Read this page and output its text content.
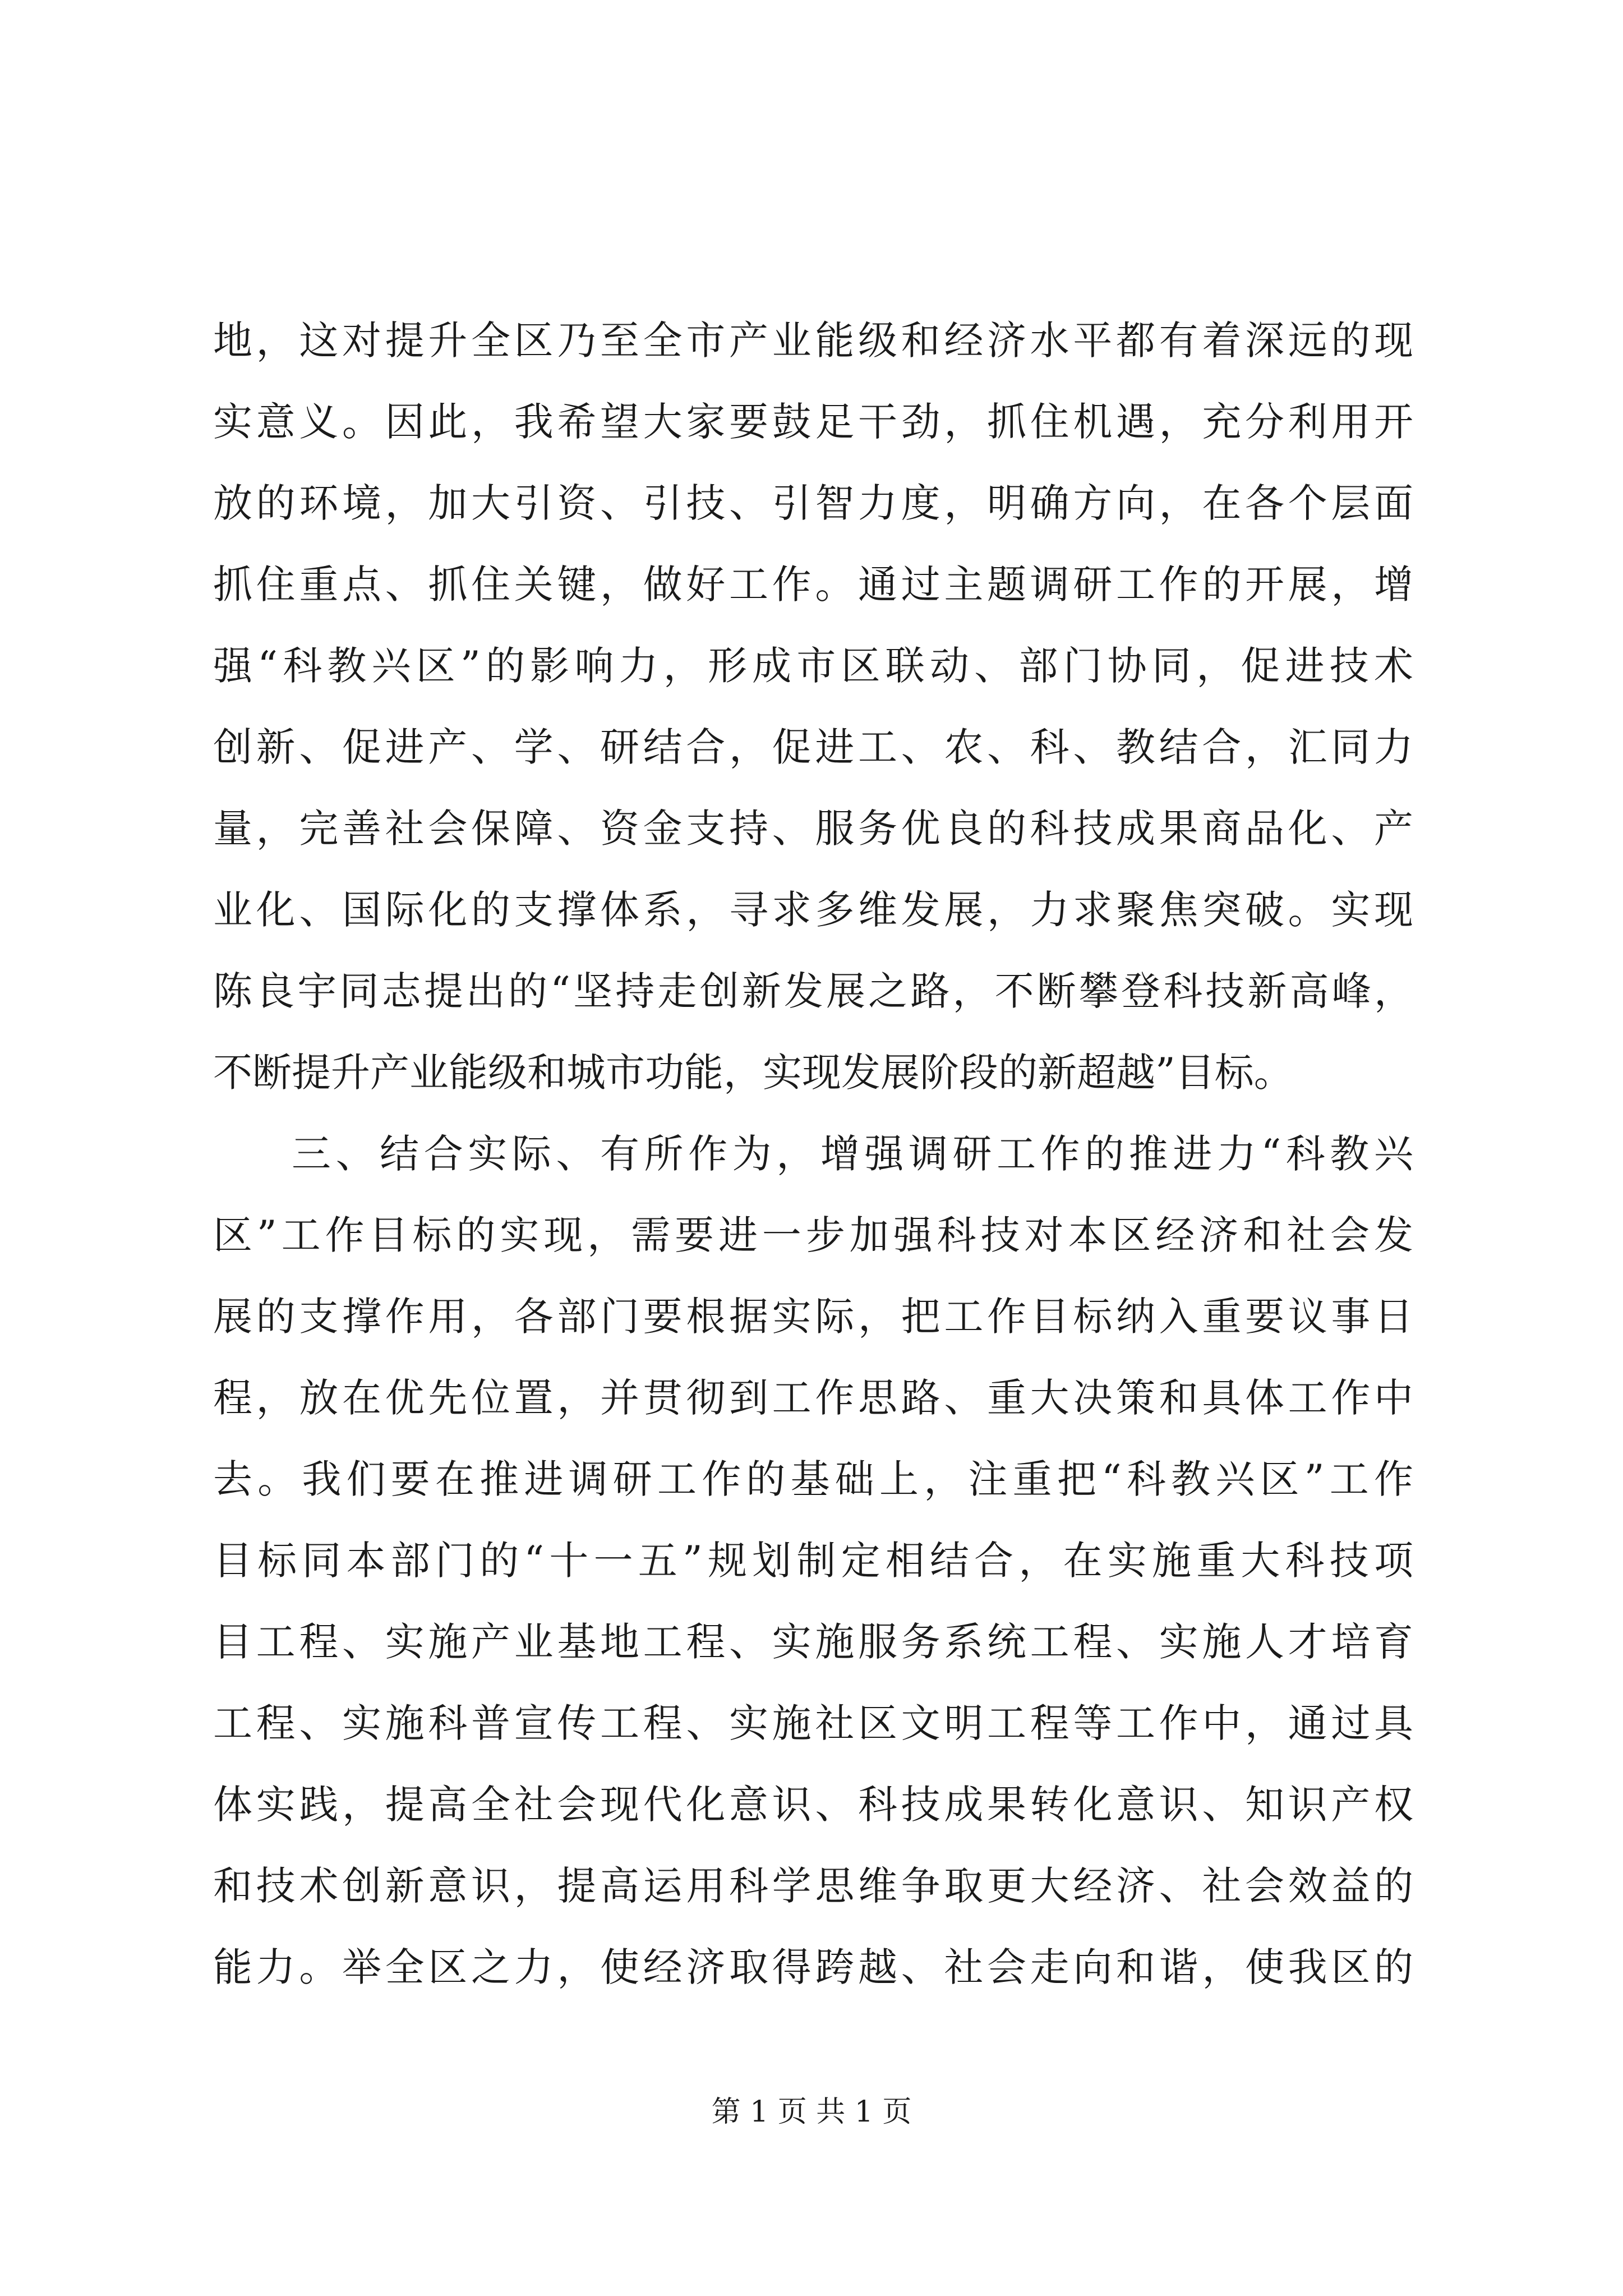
地，这对提升全区乃至全市产业能级和经济水平都有着深远的现
实意义。因此，我希望大家要鼓足干劲，抓住机遇，充分利用开
放的环境，加大引资、引技、引智力度，明确方向，在各个层面
抓住重点、抓住关键，做好工作。通过主题调研工作的开展，增
强“科教兴区”的影响力，形成市区联动、部门协同，促进技术
创新、促进产、学、研结合，促进工、农、科、教结合，汇同力
量，完善社会保障、资金支持、服务优良的科技成果商品化、产
业化、国际化的支撑体系，寻求多维发展，力求聚焦突破。实现
陈良宇同志提出的“坚持走创新发展之路，不断攀登科技新高峰，
不断提升产业能级和城市功能，实现发展阶段的新超越”目标。
三、结合实际、有所作为，增强调研工作的推进力“科教兴
区”工作目标的实现，需要进一步加强科技对本区经济和社会发
展的支撑作用，各部门要根据实际，把工作目标纳入重要议事日
程，放在优先位置，并贯彻到工作思路、重大决策和具体工作中
去。我们要在推进调研工作的基础上，注重把“科教兴区”工作
目标同本部门的“十一五”规划制定相结合，在实施重大科技项
目工程、实施产业基地工程、实施服务系统工程、实施人才培育
工程、实施科普宣传工程、实施社区文明工程等工作中，通过具
体实践，提高全社会现代化意识、科技成果转化意识、知识产权
和技术创新意识，提高运用科学思维争取更大经济、社会效益的
能力。举全区之力，使经济取得跨越、社会走向和谐，使我区的
第 1 页 共 1 页
